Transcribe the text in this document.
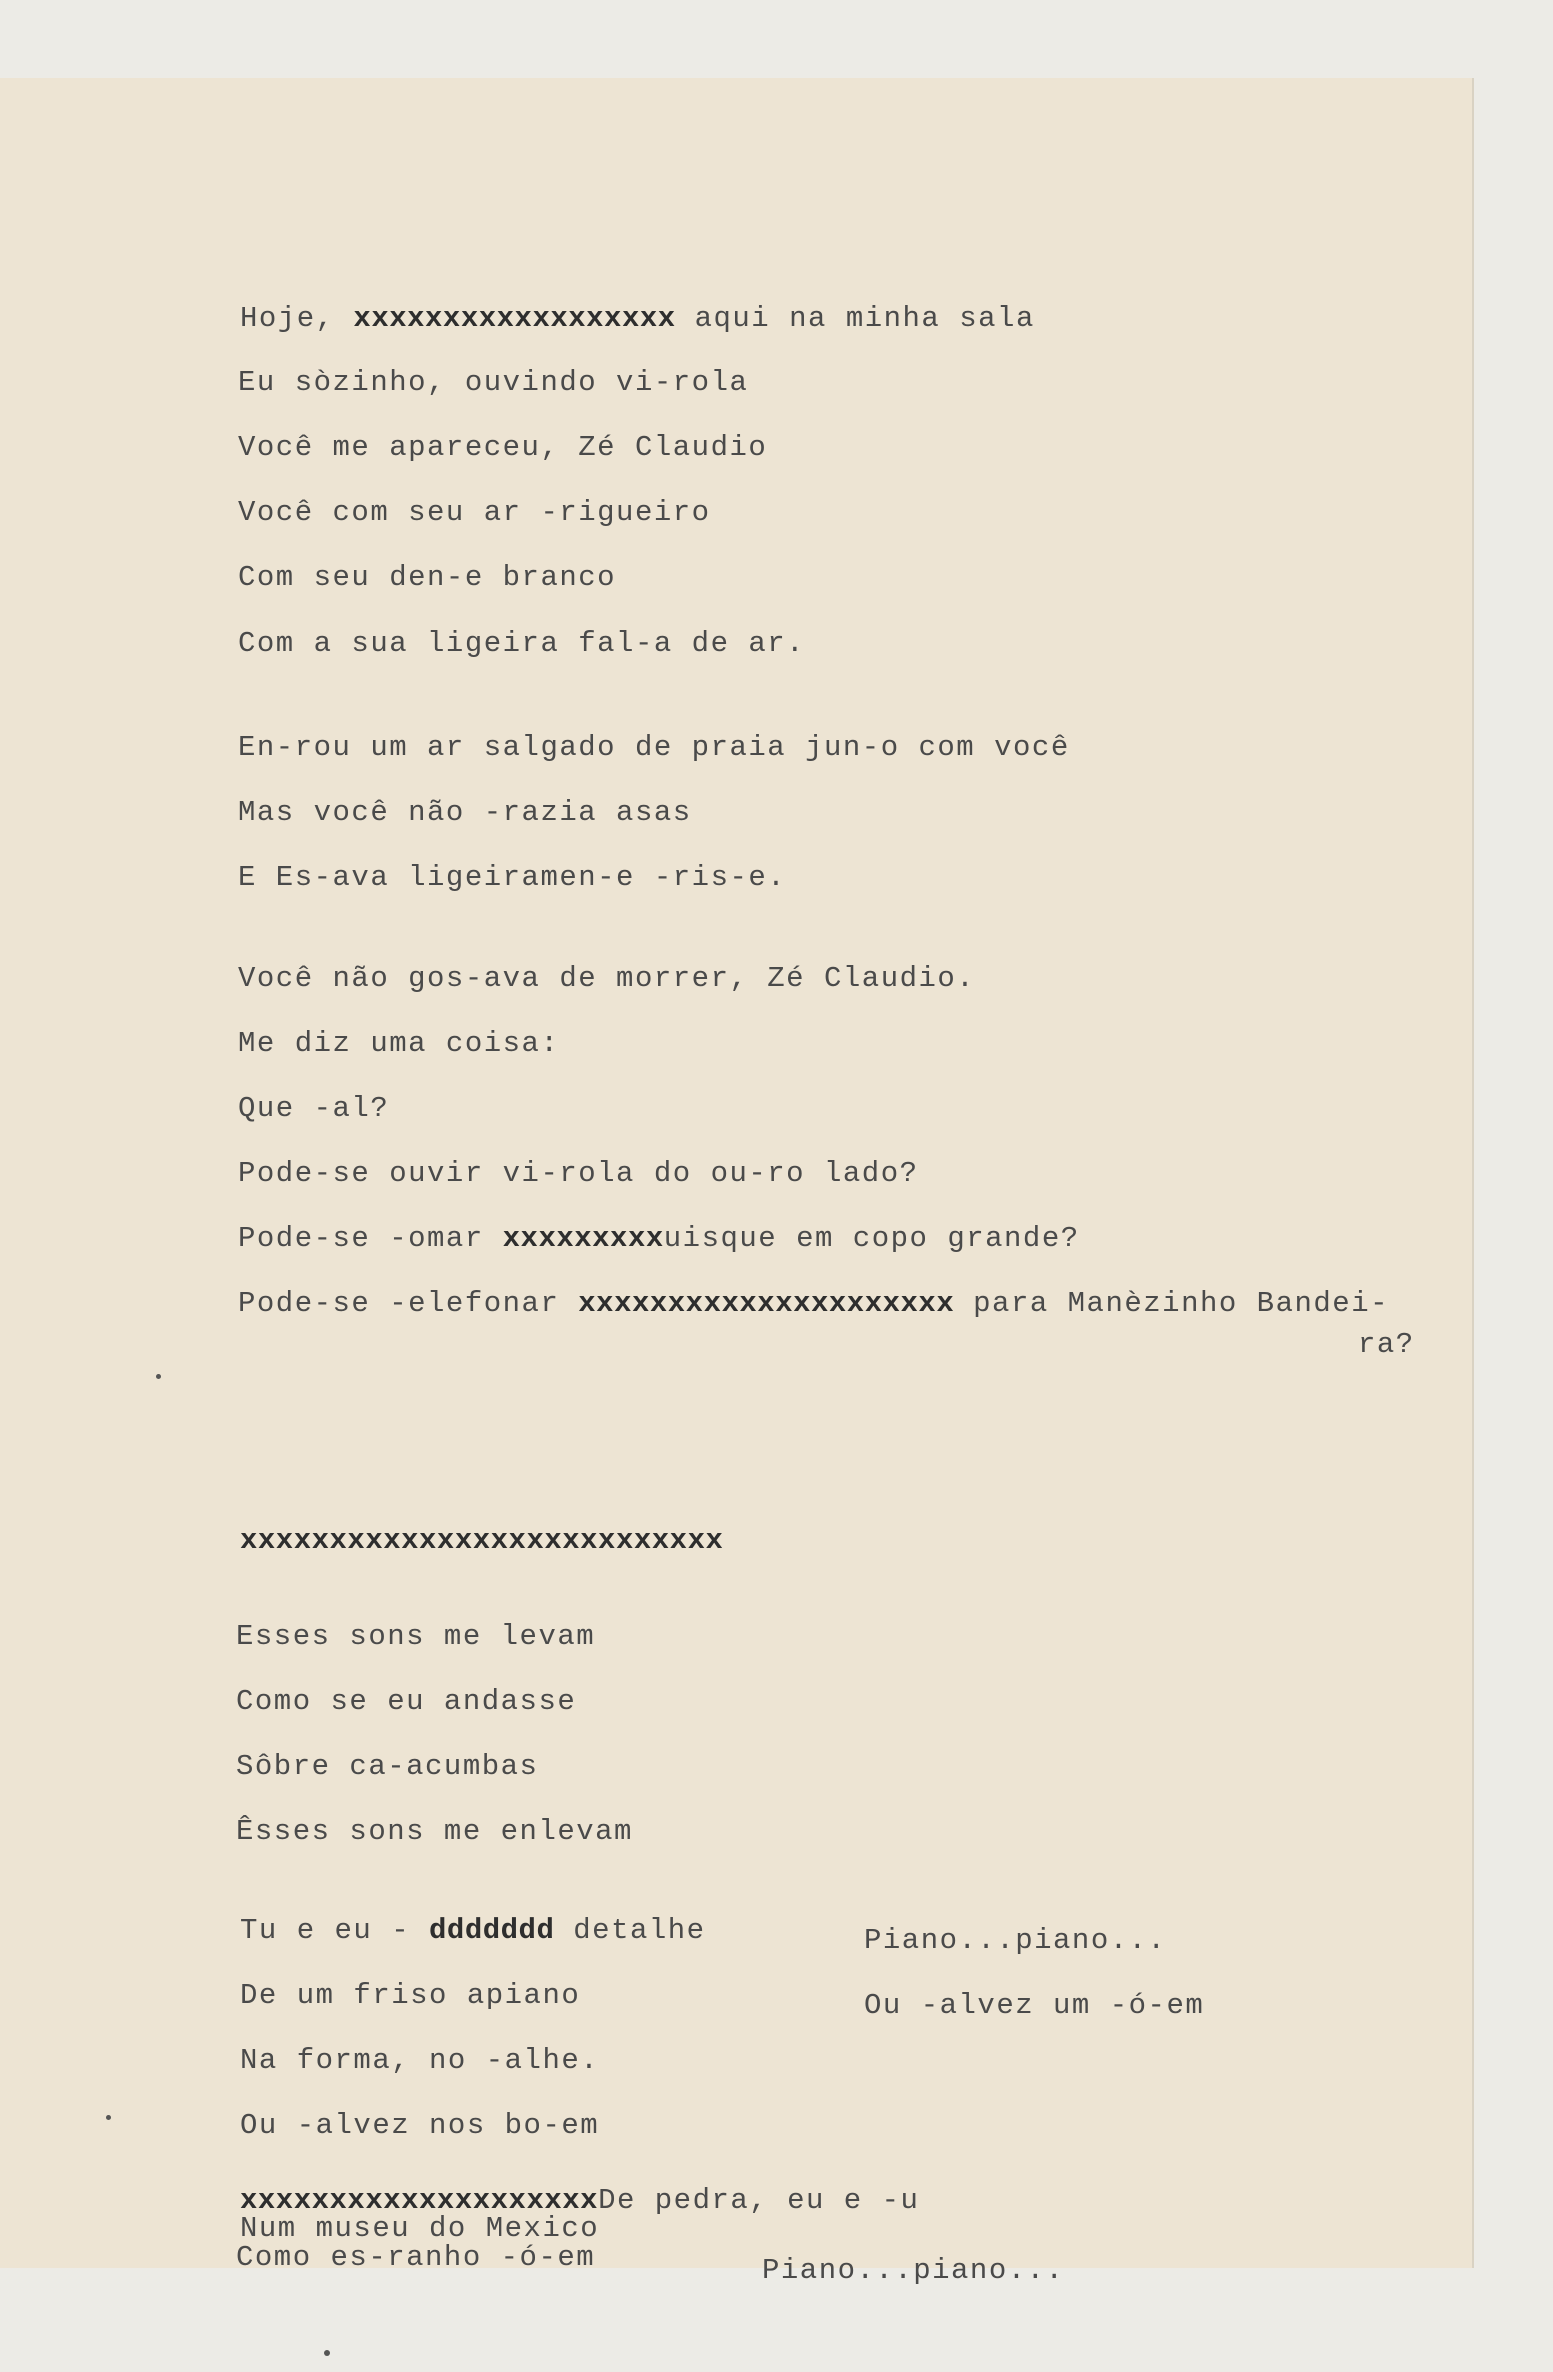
Hoje, xxxxxxxxxxxxxxxxxx aqui na minha sala
Eu sòzinho, ouvindo vi-rola
Você me apareceu, Zé Claudio
Você com seu ar -rigueiro
Com seu den-e branco
Com a sua ligeira fal-a de ar.
En-rou um ar salgado de praia jun-o com você
Mas você não -razia asas
E Es-ava ligeiramen-e -ris-e.
Você não gos-ava de morrer, Zé Claudio.
Me diz uma coisa:
Que -al?
Pode-se ouvir vi-rola do ou-ro lado?
Pode-se -omar xxxxxxxxxuisque em copo grande?
Pode-se -elefonar xxxxxxxxxxxxxxxxxxxxx para Manèzinho Bandei-
ra?
xxxxxxxxxxxxxxxxxxxxxxxxxxx
Esses sons me levam
Como se eu andasse
Sôbre ca-acumbas
Êsses sons me enlevam
Tu e eu - ddddddd detalhe
De um friso apiano
Na forma, no -alhe.
Ou -alvez nos bo-em
Piano...piano...
Ou -alvez um -ó-em
xxxxxxxxxxxxxxxxxxxxDe pedra, eu e -u
Num museu do Mexico
Como es-ranho -ó-em	Piano...piano...
